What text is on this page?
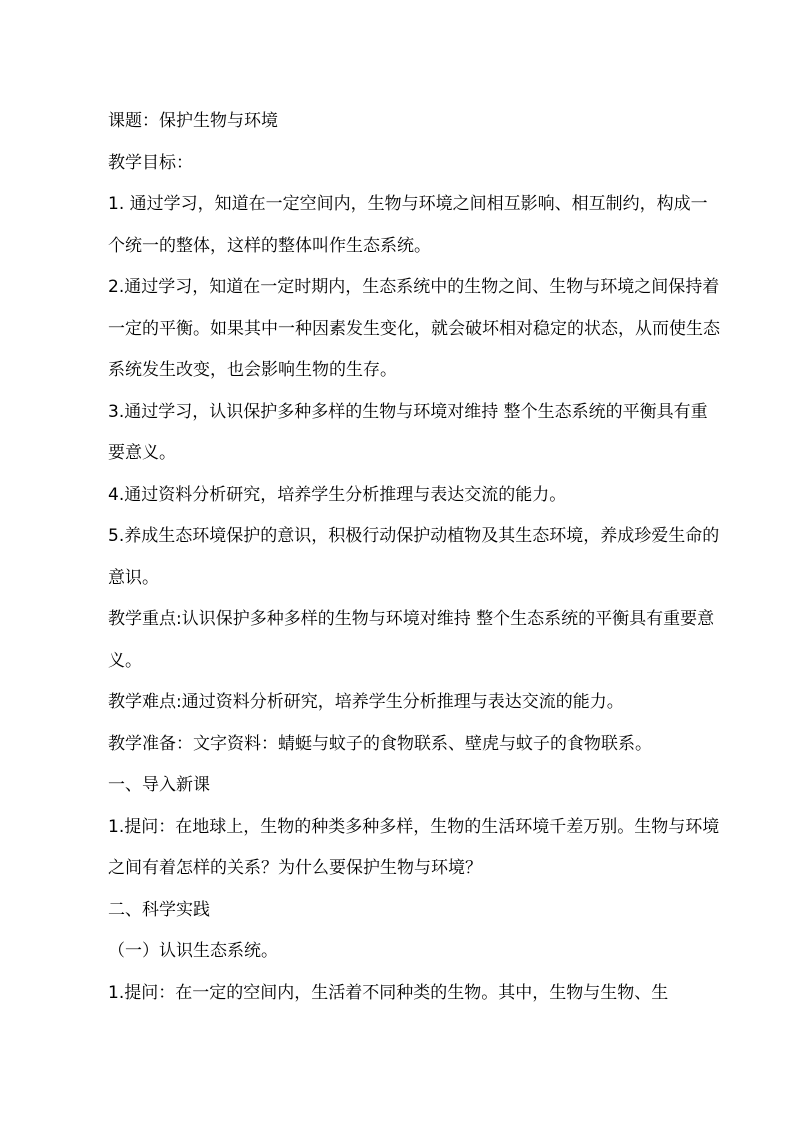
课题：保护生物与环境

教学目标：

1. 通过学习，知道在一定空间内，生物与环境之间相互影响、相互制约，构成一个统一的整体，这样的整体叫作生态系统。

2.通过学习，知道在一定时期内，生态系统中的生物之间、生物与环境之间保持着一定的平衡。如果其中一种因素发生变化，就会破坏相对稳定的状态，从而使生态系统发生改变，也会影响生物的生存。

3.通过学习，认识保护多种多样的生物与环境对维持 整个生态系统的平衡具有重要意义。

4.通过资料分析研究，培养学生分析推理与表达交流的能力。

5.养成生态环境保护的意识，积极行动保护动植物及其生态环境，养成珍爱生命的意识。

教学重点:认识保护多种多样的生物与环境对维持 整个生态系统的平衡具有重要意义。

教学难点:通过资料分析研究，培养学生分析推理与表达交流的能力。

教学准备：文字资料：蜻蜓与蚊子的食物联系、壁虎与蚊子的食物联系。

一、导入新课

1.提问：在地球上，生物的种类多种多样，生物的生活环境千差万别。生物与环境之间有着怎样的关系？为什么要保护生物与环境？

二、科学实践

（一）认识生态系统。

1.提问：在一定的空间内，生活着不同种类的生物。其中，生物与生物、生
